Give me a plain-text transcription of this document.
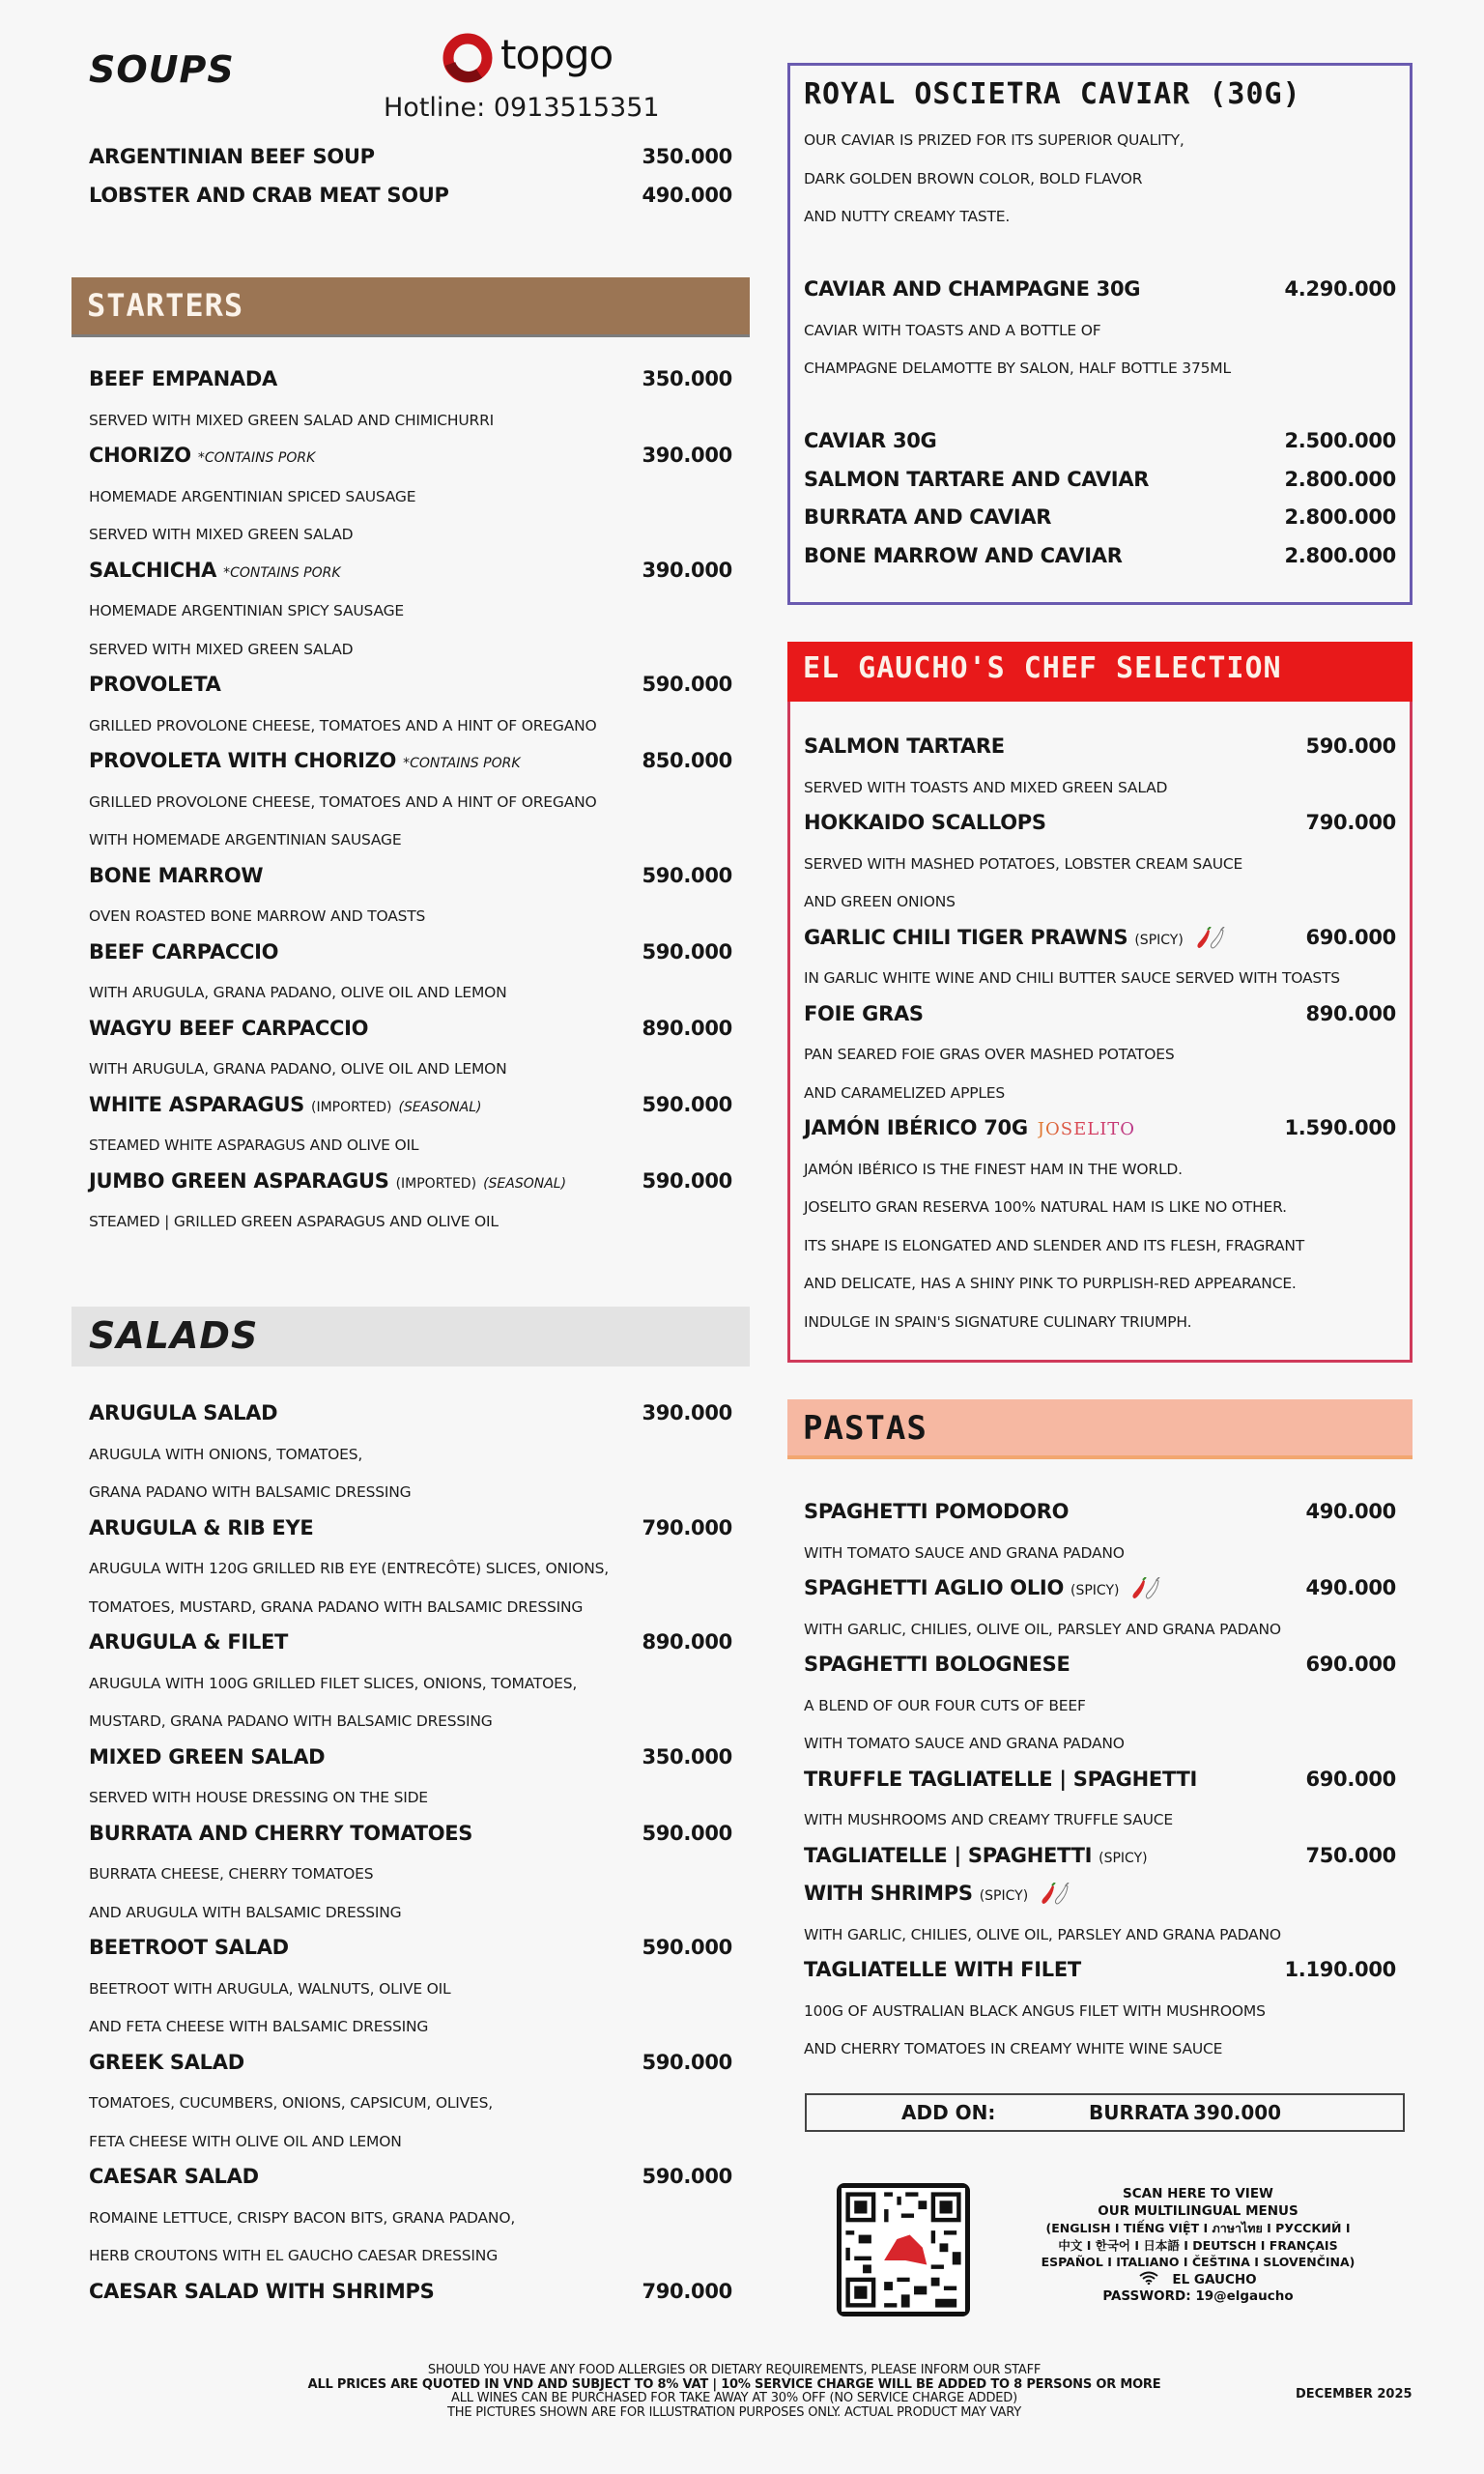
SOUPS	topgo
Hotline: 0913515351
ARGENTINIAN BEEF SOUP	350.000
LOBSTER AND CRAB MEAT SOUP	490.000
STARTERS
BEEF EMPANADA	350.000
SERVED WITH MIXED GREEN SALAD AND CHIMICHURRI
CHORIZO *CONTAINS PORK	390.000
HOMEMADE ARGENTINIAN SPICED SAUSAGE
SERVED WITH MIXED GREEN SALAD
SALCHICHA *CONTAINS PORK	390.000
HOMEMADE ARGENTINIAN SPICY SAUSAGE
SERVED WITH MIXED GREEN SALAD
PROVOLETA	590.000
GRILLED PROVOLONE CHEESE, TOMATOES AND A HINT OF OREGANO
PROVOLETA WITH CHORIZO *CONTAINS PORK	850.000
GRILLED PROVOLONE CHEESE, TOMATOES AND A HINT OF OREGANO
WITH HOMEMADE ARGENTINIAN SAUSAGE
BONE MARROW	590.000
OVEN ROASTED BONE MARROW AND TOASTS
BEEF CARPACCIO	590.000
WITH ARUGULA, GRANA PADANO, OLIVE OIL AND LEMON
WAGYU BEEF CARPACCIO	890.000
WITH ARUGULA, GRANA PADANO, OLIVE OIL AND LEMON
WHITE ASPARAGUS (IMPORTED) (SEASONAL)	590.000
STEAMED WHITE ASPARAGUS AND OLIVE OIL
JUMBO GREEN ASPARAGUS (IMPORTED) (SEASONAL)	590.000
STEAMED | GRILLED GREEN ASPARAGUS AND OLIVE OIL
SALADS
ARUGULA SALAD	390.000
ARUGULA WITH ONIONS, TOMATOES,
GRANA PADANO WITH BALSAMIC DRESSING
ARUGULA & RIB EYE	790.000
ARUGULA WITH 120G GRILLED RIB EYE (ENTRECÔTE) SLICES, ONIONS,
TOMATOES, MUSTARD, GRANA PADANO WITH BALSAMIC DRESSING
ARUGULA & FILET	890.000
ARUGULA WITH 100G GRILLED FILET SLICES, ONIONS, TOMATOES,
MUSTARD, GRANA PADANO WITH BALSAMIC DRESSING
MIXED GREEN SALAD	350.000
SERVED WITH HOUSE DRESSING ON THE SIDE
BURRATA AND CHERRY TOMATOES	590.000
BURRATA CHEESE, CHERRY TOMATOES
AND ARUGULA WITH BALSAMIC DRESSING
BEETROOT SALAD	590.000
BEETROOT WITH ARUGULA, WALNUTS, OLIVE OIL
AND FETA CHEESE WITH BALSAMIC DRESSING
GREEK SALAD	590.000
TOMATOES, CUCUMBERS, ONIONS, CAPSICUM, OLIVES,
FETA CHEESE WITH OLIVE OIL AND LEMON
CAESAR SALAD	590.000
ROMAINE LETTUCE, CRISPY BACON BITS, GRANA PADANO,
HERB CROUTONS WITH EL GAUCHO CAESAR DRESSING
CAESAR SALAD WITH SHRIMPS	790.000
ROYAL OSCIETRA CAVIAR (30G)
OUR CAVIAR IS PRIZED FOR ITS SUPERIOR QUALITY,
DARK GOLDEN BROWN COLOR, BOLD FLAVOR
AND NUTTY CREAMY TASTE.
CAVIAR AND CHAMPAGNE 30G	4.290.000
CAVIAR WITH TOASTS AND A BOTTLE OF
CHAMPAGNE DELAMOTTE BY SALON, HALF BOTTLE 375ML
CAVIAR 30G	2.500.000
SALMON TARTARE AND CAVIAR	2.800.000
BURRATA AND CAVIAR	2.800.000
BONE MARROW AND CAVIAR	2.800.000
EL GAUCHO'S CHEF SELECTION
SALMON TARTARE	590.000
SERVED WITH TOASTS AND MIXED GREEN SALAD
HOKKAIDO SCALLOPS	790.000
SERVED WITH MASHED POTATOES, LOBSTER CREAM SAUCE
AND GREEN ONIONS
GARLIC CHILI TIGER PRAWNS (SPICY)	690.000
IN GARLIC WHITE WINE AND CHILI BUTTER SAUCE SERVED WITH TOASTS
FOIE GRAS	890.000
PAN SEARED FOIE GRAS OVER MASHED POTATOES
AND CARAMELIZED APPLES
JAMÓN IBÉRICO 70G JOSELITO	1.590.000
JAMÓN IBÉRICO IS THE FINEST HAM IN THE WORLD.
JOSELITO GRAN RESERVA 100% NATURAL HAM IS LIKE NO OTHER.
ITS SHAPE IS ELONGATED AND SLENDER AND ITS FLESH, FRAGRANT
AND DELICATE, HAS A SHINY PINK TO PURPLISH-RED APPEARANCE.
INDULGE IN SPAIN'S SIGNATURE CULINARY TRIUMPH.
PASTAS
SPAGHETTI POMODORO	490.000
WITH TOMATO SAUCE AND GRANA PADANO
SPAGHETTI AGLIO OLIO (SPICY)	490.000
WITH GARLIC, CHILIES, OLIVE OIL, PARSLEY AND GRANA PADANO
SPAGHETTI BOLOGNESE	690.000
A BLEND OF OUR FOUR CUTS OF BEEF
WITH TOMATO SAUCE AND GRANA PADANO
TRUFFLE TAGLIATELLE | SPAGHETTI	690.000
WITH MUSHROOMS AND CREAMY TRUFFLE SAUCE
TAGLIATELLE | SPAGHETTI (SPICY)	750.000
WITH SHRIMPS (SPICY)
WITH GARLIC, CHILIES, OLIVE OIL, PARSLEY AND GRANA PADANO
TAGLIATELLE WITH FILET	1.190.000
100G OF AUSTRALIAN BLACK ANGUS FILET WITH MUSHROOMS
AND CHERRY TOMATOES IN CREAMY WHITE WINE SAUCE
ADD ON:	BURRATA 390.000
SCAN HERE TO VIEW
OUR MULTILINGUAL MENUS
(ENGLISH I TIẾNG VIỆT I ภาษาไทย I РУССКИЙ I
中文 I 한국어 I 日本語 I DEUTSCH I FRANÇAIS
ESPAÑOL I ITALIANO I ČEŠTINA I SLOVENČINA)
EL GAUCHO
PASSWORD: 19@elgaucho
SHOULD YOU HAVE ANY FOOD ALLERGIES OR DIETARY REQUIREMENTS, PLEASE INFORM OUR STAFF
ALL PRICES ARE QUOTED IN VND AND SUBJECT TO 8% VAT | 10% SERVICE CHARGE WILL BE ADDED TO 8 PERSONS OR MORE
ALL WINES CAN BE PURCHASED FOR TAKE AWAY AT 30% OFF (NO SERVICE CHARGE ADDED)
THE PICTURES SHOWN ARE FOR ILLUSTRATION PURPOSES ONLY. ACTUAL PRODUCT MAY VARY
DECEMBER 2025
